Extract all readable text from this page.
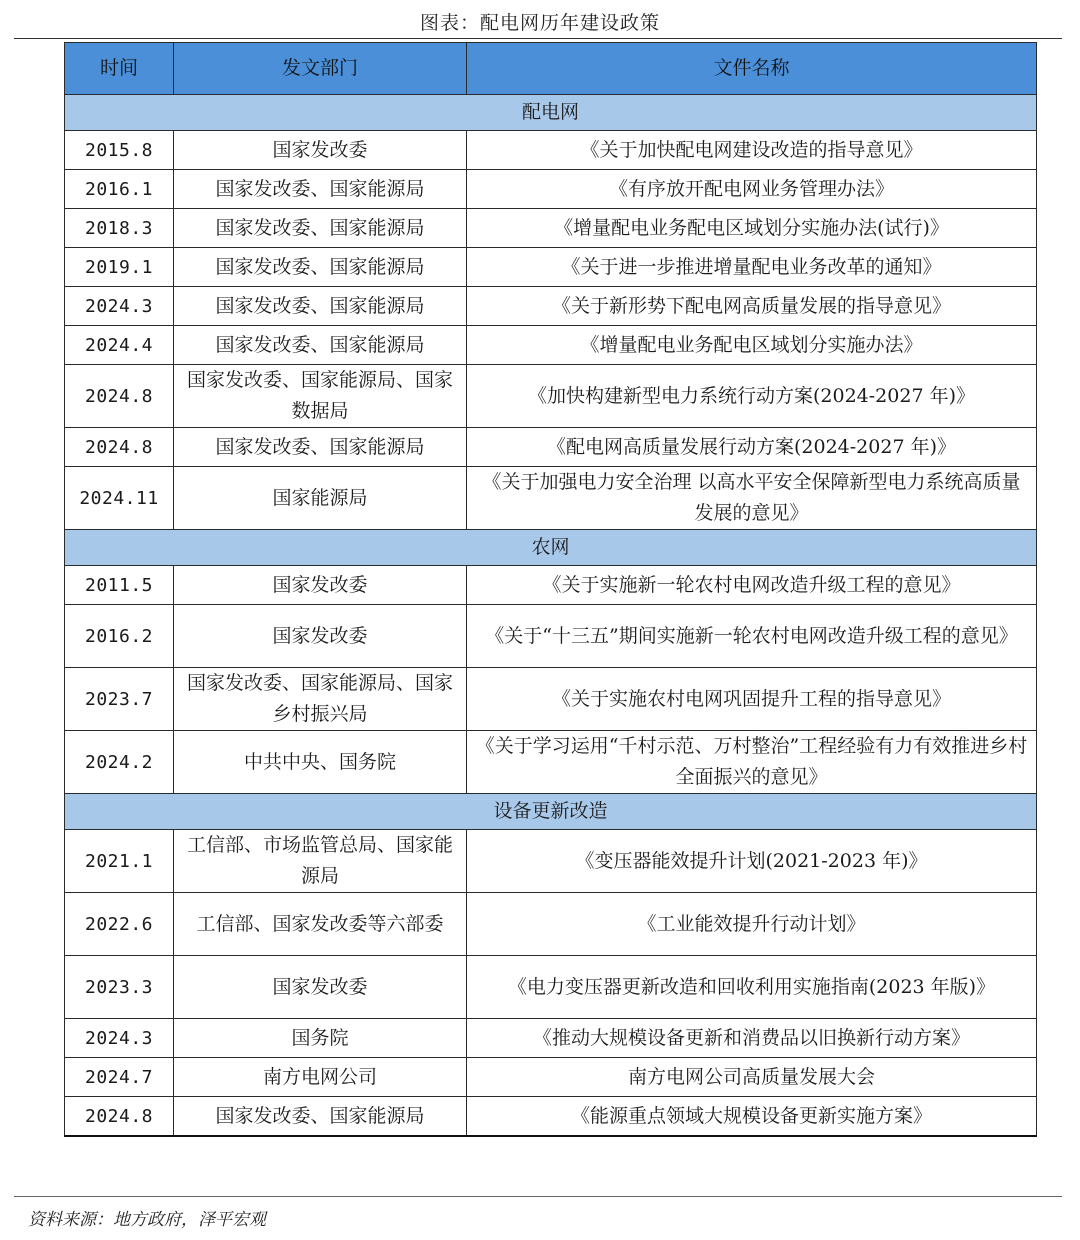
图表：配电网历年建设政策
时间	发文部门	文件名称
配电网		
2015.8	国家发改委	《关于加快配电网建设改造的指导意见》
2016.1	国家发改委、国家能源局	《有序放开配电网业务管理办法》
2018.3	国家发改委、国家能源局	《增量配电业务配电区域划分实施办法(试行)》
2019.1	国家发改委、国家能源局	《关于进一步推进增量配电业务改革的通知》
2024.3	国家发改委、国家能源局	《关于新形势下配电网高质量发展的指导意见》
2024.4	国家发改委、国家能源局	《增量配电业务配电区域划分实施办法》
2024.8	国家发改委、国家能源局、国家数据局	《加快构建新型电力系统行动方案(2024-2027 年)》
2024.8	国家发改委、国家能源局	《配电网高质量发展行动方案(2024-2027 年)》
2024.11	国家能源局	《关于加强电力安全治理 以高水平安全保障新型电力系统高质量发展的意见》
农网		
2011.5	国家发改委	《关于实施新一轮农村电网改造升级工程的意见》
2016.2	国家发改委	《关于“十三五”期间实施新一轮农村电网改造升级工程的意见》
2023.7	国家发改委、国家能源局、国家乡村振兴局	《关于实施农村电网巩固提升工程的指导意见》
2024.2	中共中央、国务院	《关于学习运用“千村示范、万村整治”工程经验有力有效推进乡村全面振兴的意见》
设备更新改造		
2021.1	工信部、市场监管总局、国家能源局	《变压器能效提升计划(2021-2023 年)》
2022.6	工信部、国家发改委等六部委	《工业能效提升行动计划》
2023.3	国家发改委	《电力变压器更新改造和回收利用实施指南(2023 年版)》
2024.3	国务院	《推动大规模设备更新和消费品以旧换新行动方案》
2024.7	南方电网公司	南方电网公司高质量发展大会
2024.8	国家发改委、国家能源局	《能源重点领域大规模设备更新实施方案》
资料来源：地方政府，泽平宏观
